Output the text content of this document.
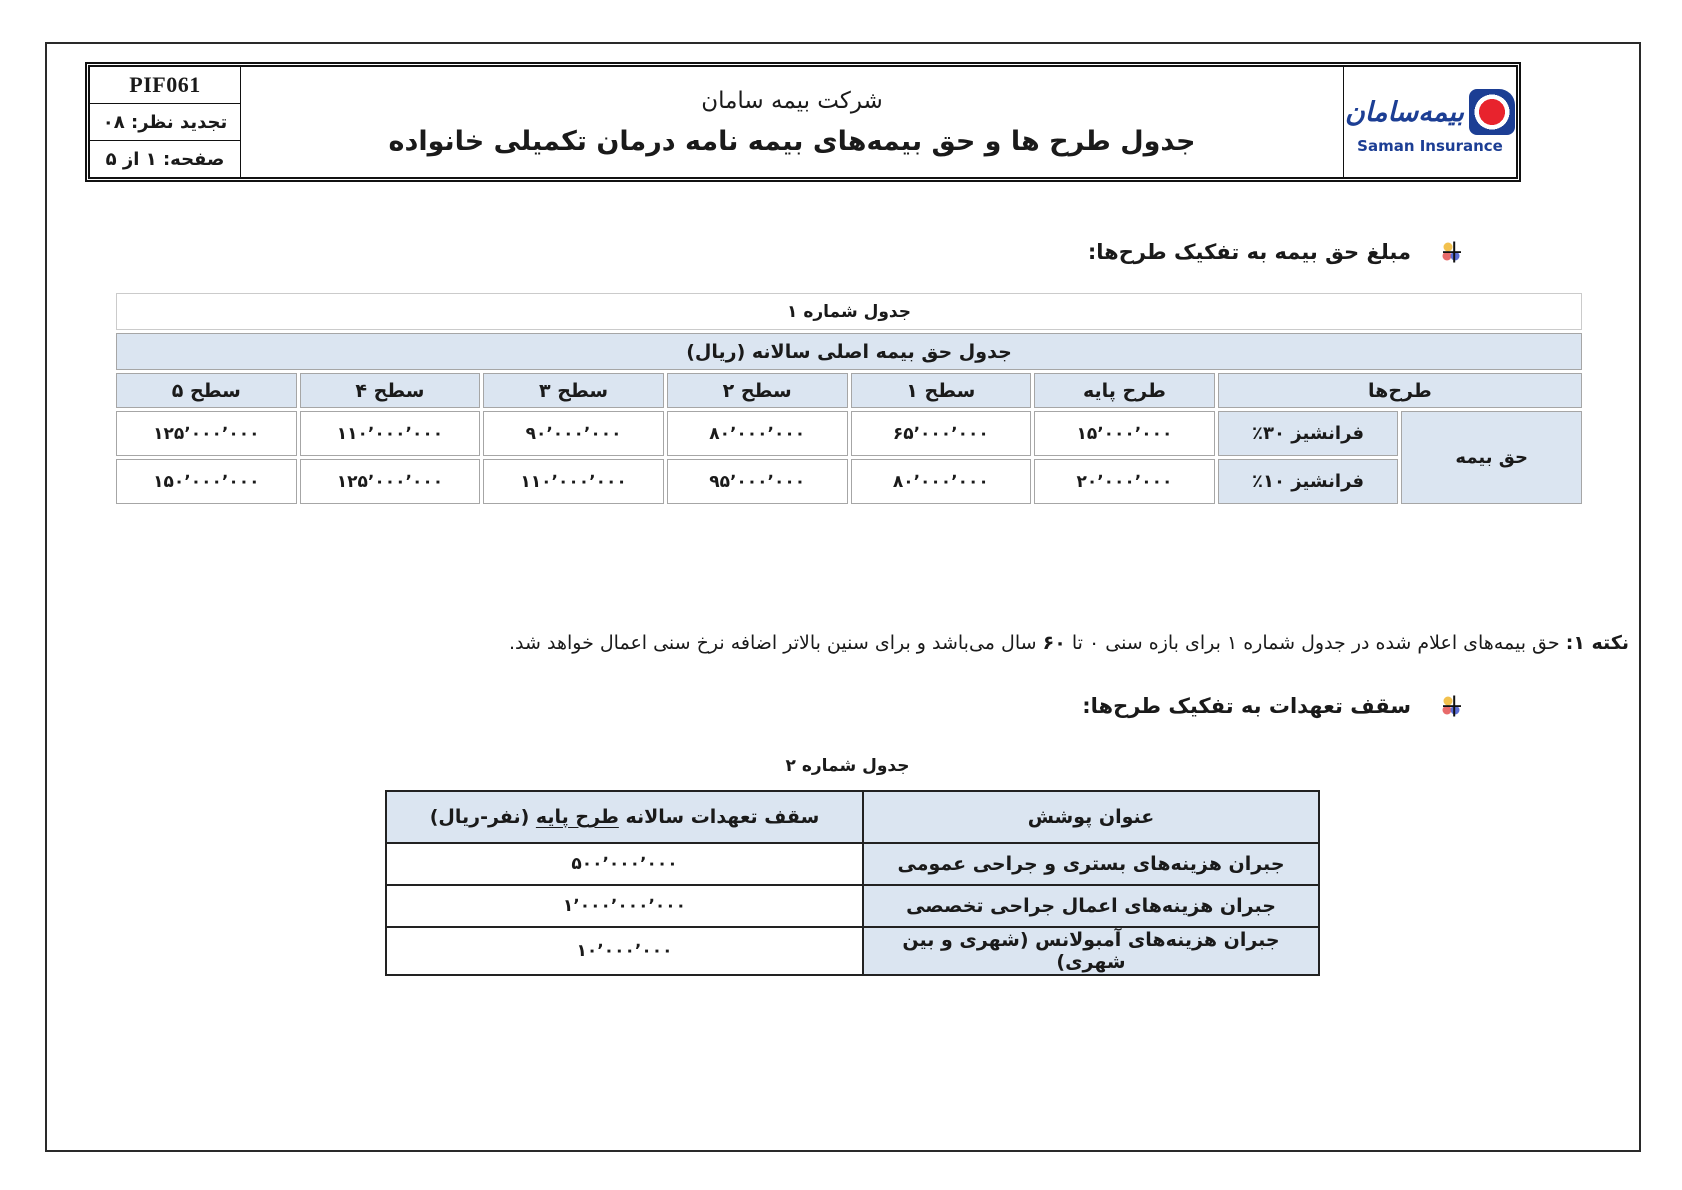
PIF061
تجدید نظر: ۰۸
صفحه: ۱ از ۵
شرکت بیمه سامان
جدول طرح ها و حق بیمه‌های بیمه نامه درمان تکمیلی خانواده
بیمه‌سامان
Saman Insurance
مبلغ حق بیمه به تفکیک طرح‌ها:
جدول شماره ۱							
جدول حق بیمه اصلی سالانه (ریال)							
طرح‌ها		طرح پایه	سطح ۱	سطح ۲	سطح ۳	سطح ۴	سطح ۵
حق بیمه	فرانشیز ۳۰٪	۱۵٬۰۰۰٬۰۰۰	۶۵٬۰۰۰٬۰۰۰	۸۰٬۰۰۰٬۰۰۰	۹۰٬۰۰۰٬۰۰۰	۱۱۰٬۰۰۰٬۰۰۰	۱۲۵٬۰۰۰٬۰۰۰
	فرانشیز ۱۰٪	۲۰٬۰۰۰٬۰۰۰	۸۰٬۰۰۰٬۰۰۰	۹۵٬۰۰۰٬۰۰۰	۱۱۰٬۰۰۰٬۰۰۰	۱۲۵٬۰۰۰٬۰۰۰	۱۵۰٬۰۰۰٬۰۰۰
نکته ۱: حق بیمه‌های اعلام شده در جدول شماره ۱ برای بازه سنی ۰ تا ۶۰ سال می‌باشد و برای سنین بالاتر اضافه نرخ سنی اعمال خواهد شد.
سقف تعهدات به تفکیک طرح‌ها:
جدول شماره ۲
عنوان پوشش	سقف تعهدات سالانه طرح پایه (نفر-ریال)
جبران هزینه‌های بستری و جراحی عمومی	۵۰۰٬۰۰۰٬۰۰۰
جبران هزینه‌های اعمال جراحی تخصصی	۱٬۰۰۰٬۰۰۰٬۰۰۰
جبران هزینه‌های آمبولانس (شهری و بین شهری)	۱۰٬۰۰۰٬۰۰۰
